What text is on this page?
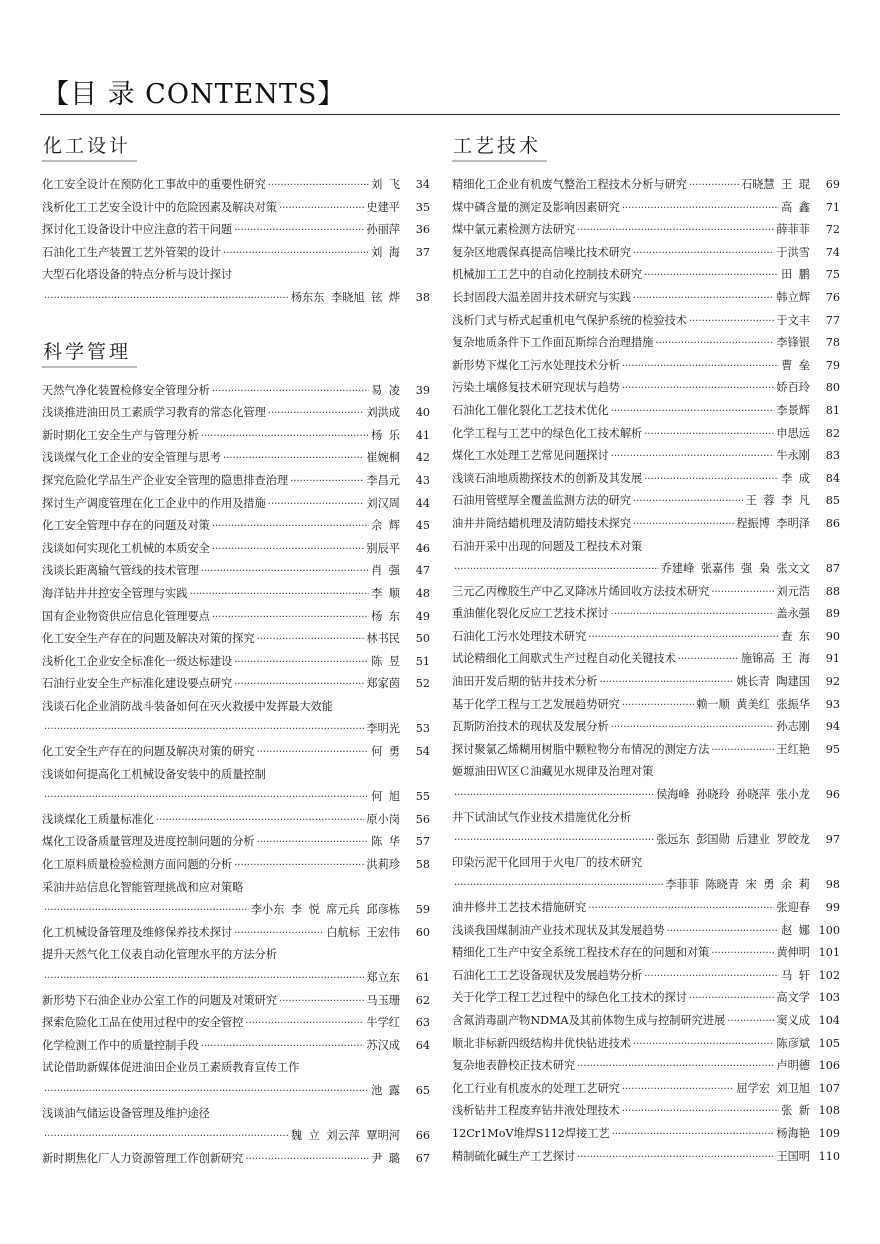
【目 录 CONTENTS】
化工设计
化工安全设计在预防化工事故中的重要性研究 ·····	刘 飞	34
浅析化工工艺安全设计中的危险因素及解决对策 ·····	史建平	35
探讨化工设备设计中应注意的若干问题 ·····	孙丽萍	36
石油化工生产装置工艺外管架的设计 ·····	刘 海	37
大型石化塔设备的特点分析与设计探讨
·····
杨东东 李晓旭 铉 烨	38
科学管理
天然气净化装置检修安全管理分析 ·····	易 凌	39
浅谈推进油田员工素质学习教育的常态化管理 ·····	刘洪成	40
新时期化工安全生产与管理分析 ·····	杨 乐	41
浅谈煤气化工企业的安全管理与思考 ·····	崔婉桐	42
探究危险化学品生产企业安全管理的隐患排查治理 ·····	李昌元	43
探讨生产调度管理在化工企业中的作用及措施 ·····	刘汉周	44
化工安全管理中存在的问题及对策 ·····	佘 辉	45
浅谈如何实现化工机械的本质安全 ·····	别辰平	46
浅谈长距离输气管线的技术管理 ·····	肖 强	47
海洋钻井井控安全管理与实践 ·····	李 顺	48
国有企业物资供应信息化管理要点 ·····	杨 东	49
化工安全生产存在的问题及解决对策的探究 ·····	林书民	50
浅析化工企业安全标准化一级达标建设 ·····	陈 昱	51
石油行业安全生产标准化建设要点研究 ·····	郑家茵	52
浅谈石化企业消防战斗装备如何在灭火救援中发挥最大效能
·····
李明光	53
化工安全生产存在的问题及解决对策的研究 ·····	何 勇	54
浅谈如何提高化工机械设备安装中的质量控制
·····
何 旭	55
浅谈煤化工质量标准化 ·····	原小岗	56
煤化工设备质量管理及进度控制问题的分析 ·····	陈 华	57
化工原料质量检验检测方面问题的分析 ·····	洪莉珍	58
采油井站信息化智能管理挑战和应对策略
·····
李小东 李 悦 席元兵 邱彦栋	59
化工机械设备管理及维修保养技术探讨 ·····	白航标 王宏伟	60
提升天然气化工仪表自动化管理水平的方法分析
·····
郑立东	61
新形势下石油企业办公室工作的问题及对策研究 ·····	马玉珊	62
探索危险化工品在使用过程中的安全管控 ·····	牛学红	63
化学检测工作中的质量控制手段 ·····	苏汉成	64
试论借助新媒体促进油田企业员工素质教育宣传工作
·····
池 露	65
浅谈油气储运设备管理及维护途径
·····
魏 立 刘云萍 覃明河	66
新时期焦化厂人力资源管理工作创新研究 ·····	尹 璐	67
工艺技术
精细化工企业有机废气整治工程技术分析与研究 ·····	石晓慧 王 琨	69
煤中磷含量的测定及影响因素研究 ·····	高 鑫	71
煤中氯元素检测方法研究 ·····	薛菲菲	72
复杂区地震保真提高信噪比技术研究 ·····	于洪雪	74
机械加工工艺中的自动化控制技术研究 ·····	田 鹏	75
长封固段大温差固井技术研究与实践 ·····	韩立辉	76
浅析门式与桥式起重机电气保护系统的检验技术 ·····	于文丰	77
复杂地质条件下工作面瓦斯综合治理措施 ·····	李锋银	78
新形势下煤化工污水处理技术分析 ·····	曹 垒	79
污染土壤修复技术研究现状与趋势 ·····	娇百玲	80
石油化工催化裂化工艺技术优化 ·····	李景辉	81
化学工程与工艺中的绿色化工技术解析 ·····	申思远	82
煤化工水处理工艺常见问题探讨 ·····	牛永刚	83
浅谈石油地质勘探技术的创新及其发展 ·····	李 成	84
石油用管壁厚全覆盖监测方法的研究 ·····	王 蓉 李 凡	85
油井井筒结蜡机理及清防蜡技术探究 ·····	程振博 李明泽	86
石油开采中出现的问题及工程技术对策
·····
乔建峰 张嘉伟 强 枭 张文文	87
三元乙丙橡胶生产中乙叉降冰片烯回收方法技术研究 ·····	刘元浩	88
重油催化裂化反应工艺技术探讨 ·····	盖永强	89
石油化工污水处理技术研究 ·····	查 东	90
试论精细化工间歇式生产过程自动化关键技术 ·····	施锦高 王 海	91
油田开发后期的钻井技术分析 ·····	姚长青 陶建国	92
基于化学工程与工艺发展趋势研究 ·····	赖一顺 黄美红 张振华	93
瓦斯防治技术的现状及发展分析 ·····	孙志刚	94
探讨聚氯乙烯糊用树脂中颗粒物分布情况的测定方法 ·····	王红艳	95
姬塬油田Ｗ区Ｃ油藏见水规律及治理对策
·····
侯海峰 孙晓玲 孙晓萍 张小龙	96
井下试油试气作业技术措施优化分析
·····
张远东 彭国勋 后建业 罗皎龙	97
印染污泥干化回用于火电厂的技术研究
·····
李菲菲 陈晓青 宋 勇 余 莉	98
油井修井工艺技术措施研究 ·····	张迎春	99
浅谈我国煤制油产业技术现状及其发展趋势 ·····	赵 娜 100
精细化工生产中安全系统工程技术存在的问题和对策 ·····	黄伸明 101
石油化工工艺设备现状及发展趋势分析 ·····	马 轩 102
关于化学工程工艺过程中的绿色化工技术的探讨 ·····	高文学 103
含氮消毒副产物NDMA及其前体物生成与控制研究进展 ·····	窦义成 104
顺北非标新四级结构井优快钻进技术 ·····	陈彦斌 105
复杂地表静校正技术研究 ·····	卢明德 106
化工行业有机废水的处理工艺研究 ·····	屈学宏 刘卫旭 107
浅析钻井工程废弃钻井液处理技术 ·····	张 新 108
12Cr1MoV堆焊S112焊接工艺 ·····	杨海艳 109
精制硫化碱生产工艺探讨 ·····	王国明 110
